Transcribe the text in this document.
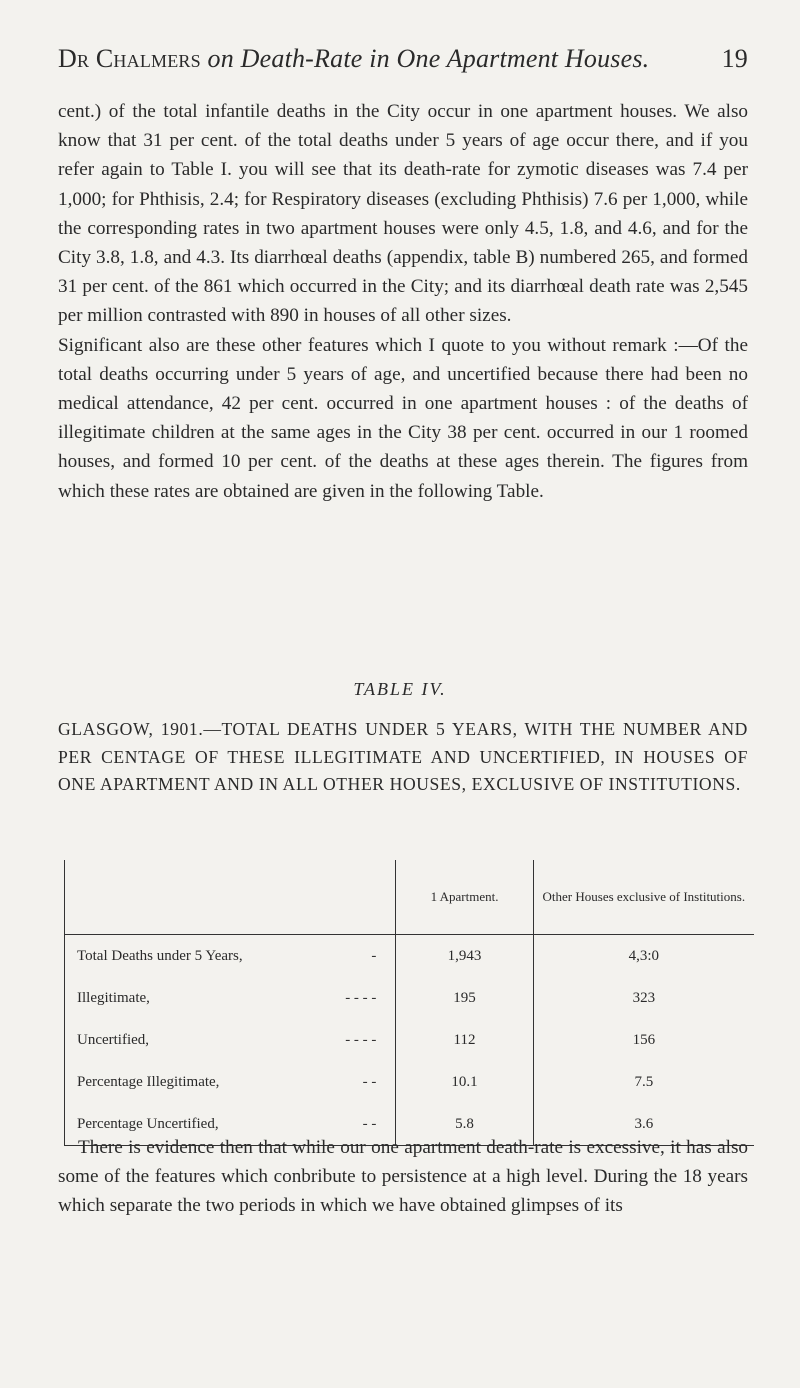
Dr Chalmers on Death-Rate in One Apartment Houses.	19

cent.) of the total infantile deaths in the City occur in one apartment houses. We also know that 31 per cent. of the total deaths under 5 years of age occur there, and if you refer again to Table I. you will see that its death-rate for zymotic diseases was 7.4 per 1,000; for Phthisis, 2.4; for Respiratory diseases (excluding Phthisis) 7.6 per 1,000, while the corresponding rates in two apartment houses were only 4.5, 1.8, and 4.6, and for the City 3.8, 1.8, and 4.3. Its diarrhœal deaths (appendix, table B) numbered 265, and formed 31 per cent. of the 861 which occurred in the City; and its diarrhœal death rate was 2,545 per million contrasted with 890 in houses of all other sizes.

Significant also are these other features which I quote to you without remark :—Of the total deaths occurring under 5 years of age, and uncertified because there had been no medical attendance, 42 per cent. occurred in one apartment houses : of the deaths of illegitimate children at the same ages in the City 38 per cent. occurred in our 1 roomed houses, and formed 10 per cent. of the deaths at these ages therein. The figures from which these rates are obtained are given in the following Table.

TABLE IV.
GLASGOW, 1901.—TOTAL DEATHS UNDER 5 YEARS, WITH THE NUMBER AND PER CENTAGE OF THESE ILLEGITIMATE AND UNCERTIFIED, IN HOUSES OF ONE APARTMENT AND IN ALL OTHER HOUSES, EXCLUSIVE OF INSTITUTIONS.
	1 Apartment.	Other Houses exclusive of Institutions.
Total Deaths under 5 Years, -	1,943	4,3:0
Illegitimate, - - - -	195	323
Uncertified, - - - -	112	156
Percentage Illegitimate, - -	10.1	7.5
Percentage Uncertified, - -	5.8	3.6

There is evidence then that while our one apartment death-rate is excessive, it has also some of the features which conbribute to persistence at a high level. During the 18 years which separate the two periods in which we have obtained glimpses of its
